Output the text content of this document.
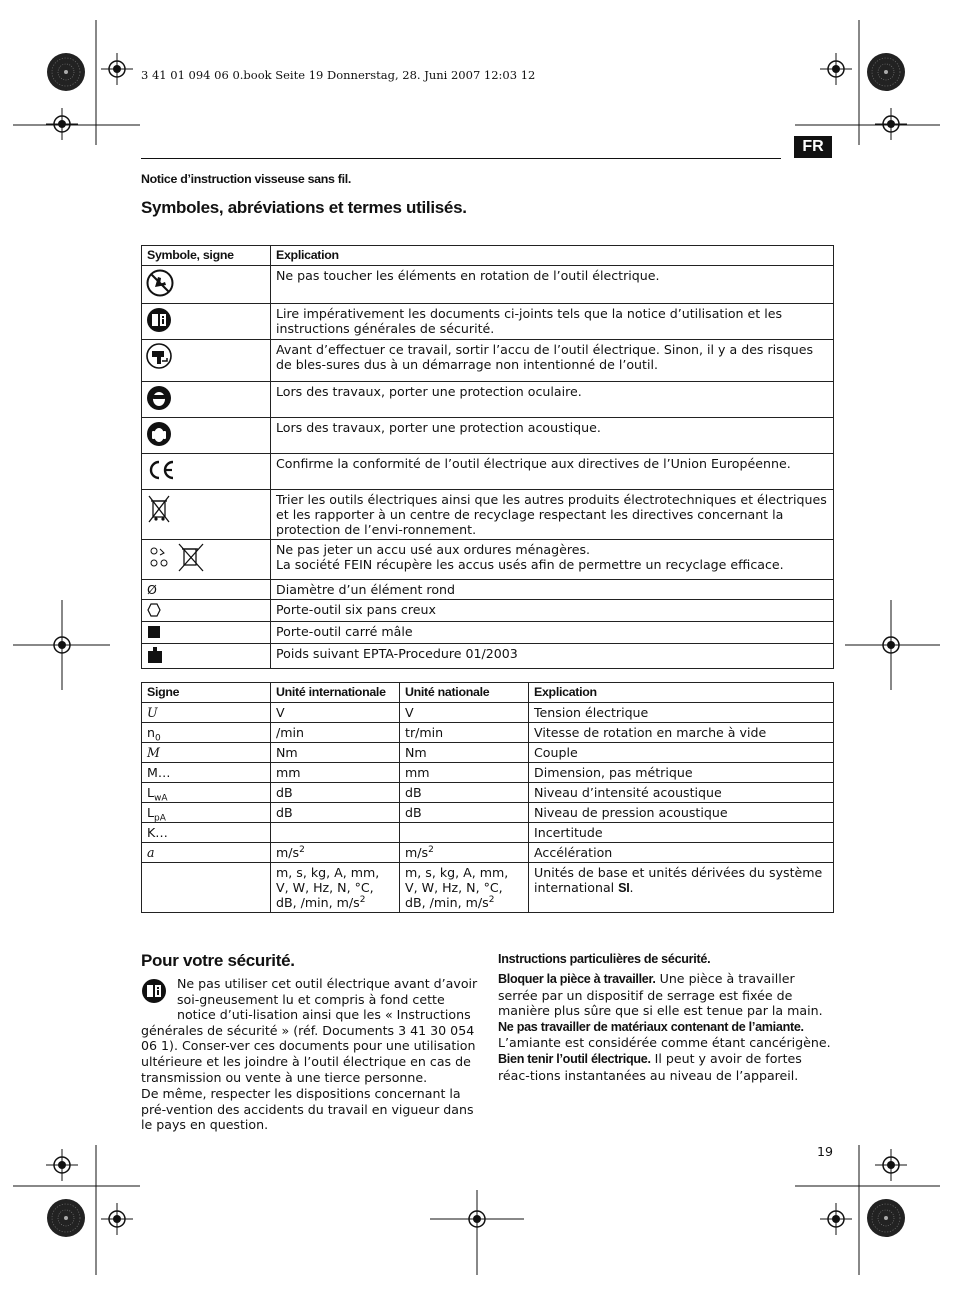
3 41 01 094 06 0.book Seite 19 Donnerstag, 28. Juni 2007 12:03 12
FR
Notice d’instruction visseuse sans fil.
Symboles, abréviations et termes utilisés.
Symbole, signe	Explication
	Ne pas toucher les éléments en rotation de l’outil électrique.
	Lire impérativement les documents ci-joints tels que la notice d’utilisation et les instructions générales de sécurité.
	Avant d’effectuer ce travail, sortir l’accu de l’outil électrique. Sinon, il y a des risques de bles-sures dus à un démarrage non intentionné de l’outil.
	Lors des travaux, porter une protection oculaire.
	Lors des travaux, porter une protection acoustique.
	Confirme la conformité de l’outil électrique aux directives de l’Union Européenne.
	Trier les outils électriques ainsi que les autres produits électrotechniques et électriques et les rapporter à un centre de recyclage respectant les directives concernant la protection de l’envi-ronnement.
	Ne pas jeter un accu usé aux ordures ménagères.
La société FEIN récupère les accus usés afin de permettre un recyclage efficace.
Ø	Diamètre d’un élément rond
	Porte-outil six pans creux
	Porte-outil carré mâle
	Poids suivant EPTA-Procedure 01/2003
Signe	Unité internationale	Unité nationale	Explication
U	V	V	Tension électrique
$n_0$	/min	tr/min	Vitesse de rotation en marche à vide
M	Nm	Nm	Couple
M…	mm	mm	Dimension, pas métrique
$L_{wA}$	dB	dB	Niveau d’intensité acoustique
$L_{pA}$	dB	dB	Niveau de pression acoustique
K…			Incertitude
a	$m/s^2$	$m/s^2$	Accélération
	m, s, kg, A, mm, V, W, Hz, N, °C, dB, /min, $m/s^2$	m, s, kg, A, mm, V, W, Hz, N, °C, dB, /min, $m/s^2$	Unités de base et unités dérivées du système international SI.
Pour votre sécurité.
Ne pas utiliser cet outil électrique avant d’avoir soi-gneusement lu et compris à fond cette notice d’uti-lisation ainsi que les « Instructions générales de sécurité » (réf. Documents 3 41 30 054 06 1). Conser-ver ces documents pour une utilisation ultérieure et les joindre à l’outil électrique en cas de transmission ou vente à une tierce personne.
De même, respecter les dispositions concernant la pré-vention des accidents du travail en vigueur dans le pays en question.
Instructions particulières de sécurité.
Bloquer la pièce à travailler. Une pièce à travailler serrée par un dispositif de serrage est fixée de manière plus sûre que si elle est tenue par la main.
Ne pas travailler de matériaux contenant de l’amiante.
L’amiante est considérée comme étant cancérigène.
Bien tenir l’outil électrique. Il peut y avoir de fortes réac-tions instantanées au niveau de l’appareil.
19
